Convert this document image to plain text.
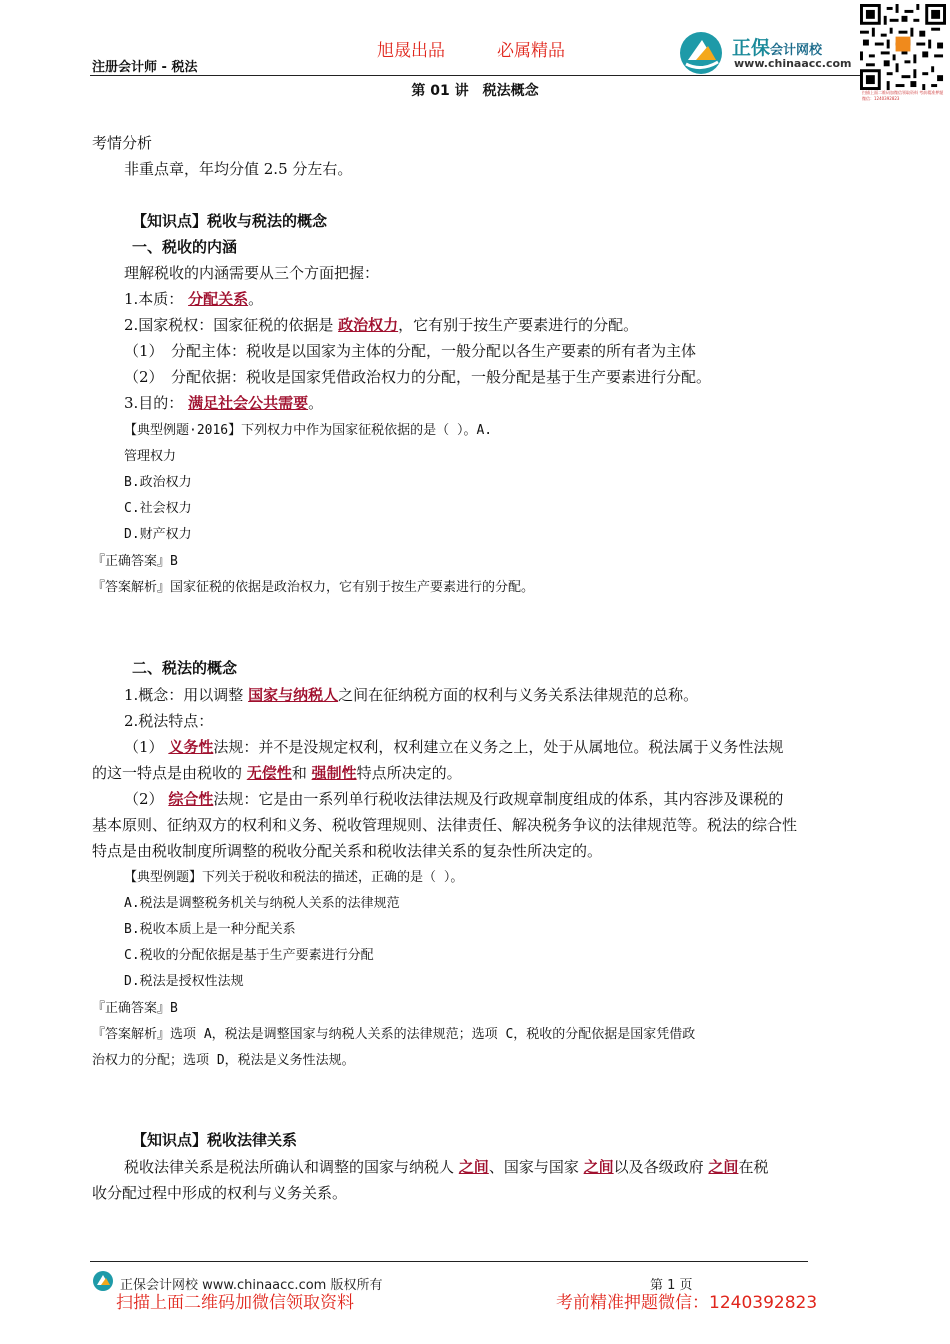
注册会计师 - 税法
旭晟出品	必属精品	正保会计网校
www.chinaacc.com
扫描上面二维码加微信领取资料 考前精准押题微信：1240392823
第 01 讲　税法概念
考情分析
非重点章，年均分值 2.5 分左右。
【知识点】税收与税法的概念
一、税收的内涵
理解税收的内涵需要从三个方面把握：
1.本质： 分配关系。
2.国家税权：国家征税的依据是 政治权力，它有别于按生产要素进行的分配。
（1）　分配主体：税收是以国家为主体的分配，一般分配以各生产要素的所有者为主体
（2）　分配依据：税收是国家凭借政治权力的分配，一般分配是基于生产要素进行分配。
3.目的： 满足社会公共需要。
【典型例题·2016】下列权力中作为国家征税依据的是（ ）。A.
管理权力
B.政治权力
C.社会权力
D.财产权力
『正确答案』B
『答案解析』国家征税的依据是政治权力，它有别于按生产要素进行的分配。
二、税法的概念
1.概念：用以调整 国家与纳税人之间在征纳税方面的权利与义务关系法律规范的总称。
2.税法特点：
（1） 义务性法规：并不是没规定权利，权利建立在义务之上，处于从属地位。税法属于义务性法规
的这一特点是由税收的 无偿性和 强制性特点所决定的。
（2） 综合性法规：它是由一系列单行税收法律法规及行政规章制度组成的体系，其内容涉及课税的
基本原则、征纳双方的权利和义务、税收管理规则、法律责任、解决税务争议的法律规范等。税法的综合性
特点是由税收制度所调整的税收分配关系和税收法律关系的复杂性所决定的。
【典型例题】下列关于税收和税法的描述，正确的是（ ）。
A.税法是调整税务机关与纳税人关系的法律规范
B.税收本质上是一种分配关系
C.税收的分配依据是基于生产要素进行分配
D.税法是授权性法规
『正确答案』B
『答案解析』选项 A，税法是调整国家与纳税人关系的法律规范；选项 C，税收的分配依据是国家凭借政
治权力的分配；选项 D，税法是义务性法规。
【知识点】税收法律关系
税收法律关系是税法所确认和调整的国家与纳税人 之间、国家与国家 之间以及各级政府 之间在税
收分配过程中形成的权利与义务关系。
正保会计网校 www.chinaacc.com 版权所有	第 1 页
扫描上面二维码加微信领取资料	考前精准押题微信：1240392823
